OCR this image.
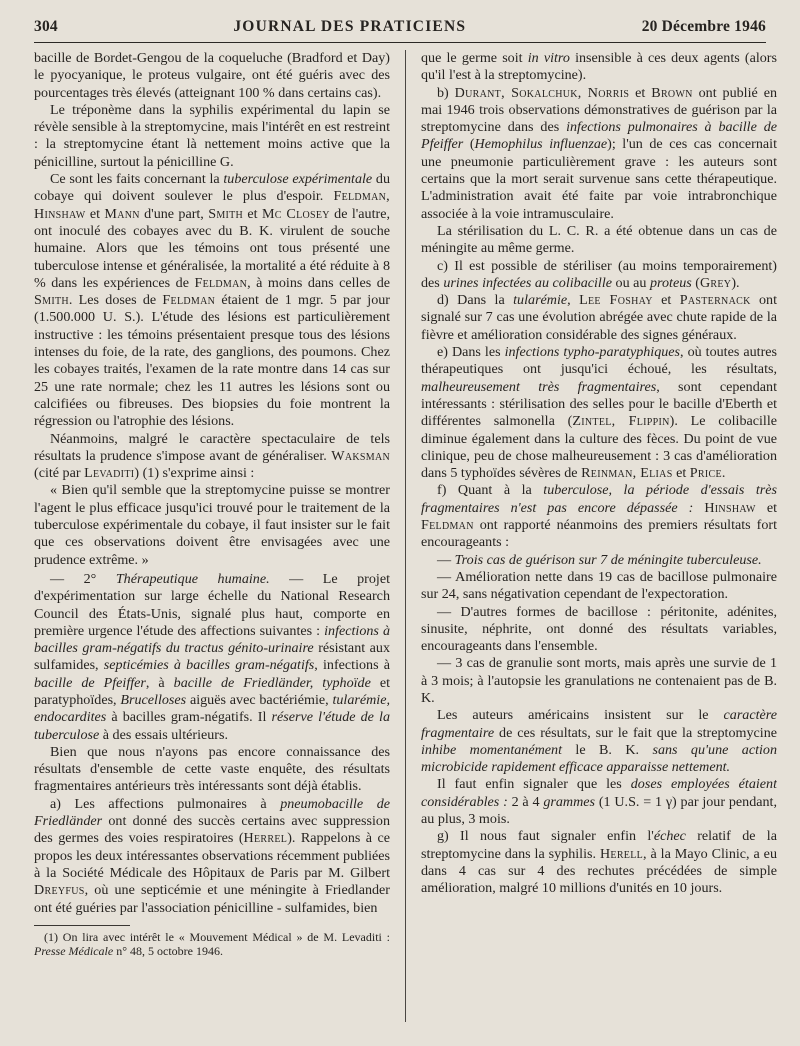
304	JOURNAL DES PRATICIENS	20 Décembre 1946

bacille de Bordet-Gengou de la coqueluche (Bradford et Day) le pyocyanique, le proteus vulgaire, ont été guéris avec des pourcentages très élevés (atteignant 100 % dans certains cas).

Le tréponème dans la syphilis expérimental du lapin se révèle sensible à la streptomycine, mais l'intérêt en est restreint : la streptomycine étant là nettement moins active que la pénicilline, surtout la pénicilline G.

Ce sont les faits concernant la tuberculose expérimentale du cobaye qui doivent soulever le plus d'espoir. Feldman, Hinshaw et Mann d'une part, Smith et Mc Closey de l'autre, ont inoculé des cobayes avec du B. K. virulent de souche humaine. Alors que les témoins ont tous présenté une tuberculose intense et généralisée, la mortalité a été réduite à 8 % dans les expériences de Feldman, à moins dans celles de Smith. Les doses de Feldman étaient de 1 mgr. 5 par jour (1.500.000 U. S.). L'étude des lésions est particulièrement instructive : les témoins présentaient presque tous des lésions intenses du foie, de la rate, des ganglions, des poumons. Chez les cobayes traités, l'examen de la rate montre dans 14 cas sur 25 une rate normale; chez les 11 autres les lésions sont ou calcifiées ou fibreuses. Des biopsies du foie montrent la régression ou l'atrophie des lésions.

Néanmoins, malgré le caractère spectaculaire de tels résultats la prudence s'impose avant de généraliser. Waksman (cité par Levaditi) (1) s'exprime ainsi :

« Bien qu'il semble que la streptomycine puisse se montrer l'agent le plus efficace jusqu'ici trouvé pour le traitement de la tuberculose expérimentale du cobaye, il faut insister sur le fait que ces observations doivent être envisagées avec une prudence extrême. »

— 2° Thérapeutique humaine. — Le projet d'expérimentation sur large échelle du National Research Council des États-Unis, signalé plus haut, comporte en première urgence l'étude des affections suivantes : infections à bacilles gram-négatifs du tractus génito-urinaire résistant aux sulfamides, septicémies à bacilles gram-négatifs, infections à bacille de Pfeiffer, à bacille de Friedländer, typhoïde et paratyphoïdes, Brucelloses aiguës avec bactériémie, tularémie, endocardites à bacilles gram-négatifs. Il réserve l'étude de la tuberculose à des essais ultérieurs.

Bien que nous n'ayons pas encore connaissance des résultats d'ensemble de cette vaste enquête, des résultats fragmentaires antérieurs très intéressants sont déjà établis.

a) Les affections pulmonaires à pneumobacille de Friedländer ont donné des succès certains avec suppression des germes des voies respiratoires (Herrel). Rappelons à ce propos les deux intéressantes observations récemment publiées à la Société Médicale des Hôpitaux de Paris par M. Gilbert Dreyfus, où une septicémie et une méningite à Friedlander ont été guéries par l'association pénicilline - sulfamides, bien

(1) On lira avec intérêt le « Mouvement Médical » de M. Levaditi : Presse Médicale n° 48, 5 octobre 1946.

que le germe soit in vitro insensible à ces deux agents (alors qu'il l'est à la streptomycine).

b) Durant, Sokalchuk, Norris et Brown ont publié en mai 1946 trois observations démonstratives de guérison par la streptomycine dans des infections pulmonaires à bacille de Pfeiffer (Hemophilus influenzae); l'un de ces cas concernait une pneumonie particulièrement grave : les auteurs sont certains que la mort serait survenue sans cette thérapeutique. L'administration avait été faite par voie intrabronchique associée à la voie intramusculaire.

La stérilisation du L. C. R. a été obtenue dans un cas de méningite au même germe.

c) Il est possible de stériliser (au moins temporairement) des urines infectées au colibacille ou au proteus (Grey).

d) Dans la tularémie, Lee Foshay et Pasternack ont signalé sur 7 cas une évolution abrégée avec chute rapide de la fièvre et amélioration considérable des signes généraux.

e) Dans les infections typho-paratyphiques, où toutes autres thérapeutiques ont jusqu'ici échoué, les résultats, malheureusement très fragmentaires, sont cependant intéressants : stérilisation des selles pour le bacille d'Eberth et différentes salmonella (Zintel, Flippin). Le colibacille diminue également dans la culture des fèces. Du point de vue clinique, peu de chose malheureusement : 3 cas d'amélioration dans 5 typhoïdes sévères de Reinman, Elias et Price.

f) Quant à la tuberculose, la période d'essais très fragmentaires n'est pas encore dépassée : Hinshaw et Feldman ont rapporté néanmoins des premiers résultats fort encourageants :

— Trois cas de guérison sur 7 de méningite tuberculeuse.

— Amélioration nette dans 19 cas de bacillose pulmonaire sur 24, sans négativation cependant de l'expectoration.

— D'autres formes de bacillose : péritonite, adénites, sinusite, néphrite, ont donné des résultats variables, encourageants dans l'ensemble.

— 3 cas de granulie sont morts, mais après une survie de 1 à 3 mois; à l'autopsie les granulations ne contenaient pas de B. K.

Les auteurs américains insistent sur le caractère fragmentaire de ces résultats, sur le fait que la streptomycine inhibe momentanément le B. K. sans qu'une action microbicide rapidement efficace apparaisse nettement.

Il faut enfin signaler que les doses employées étaient considérables : 2 à 4 grammes (1 U.S. = 1 γ) par jour pendant, au plus, 3 mois.

g) Il nous faut signaler enfin l'échec relatif de la streptomycine dans la syphilis. Herell, à la Mayo Clinic, a eu dans 4 cas sur 4 des rechutes précédées de simple amélioration, malgré 10 millions d'unités en 10 jours.
